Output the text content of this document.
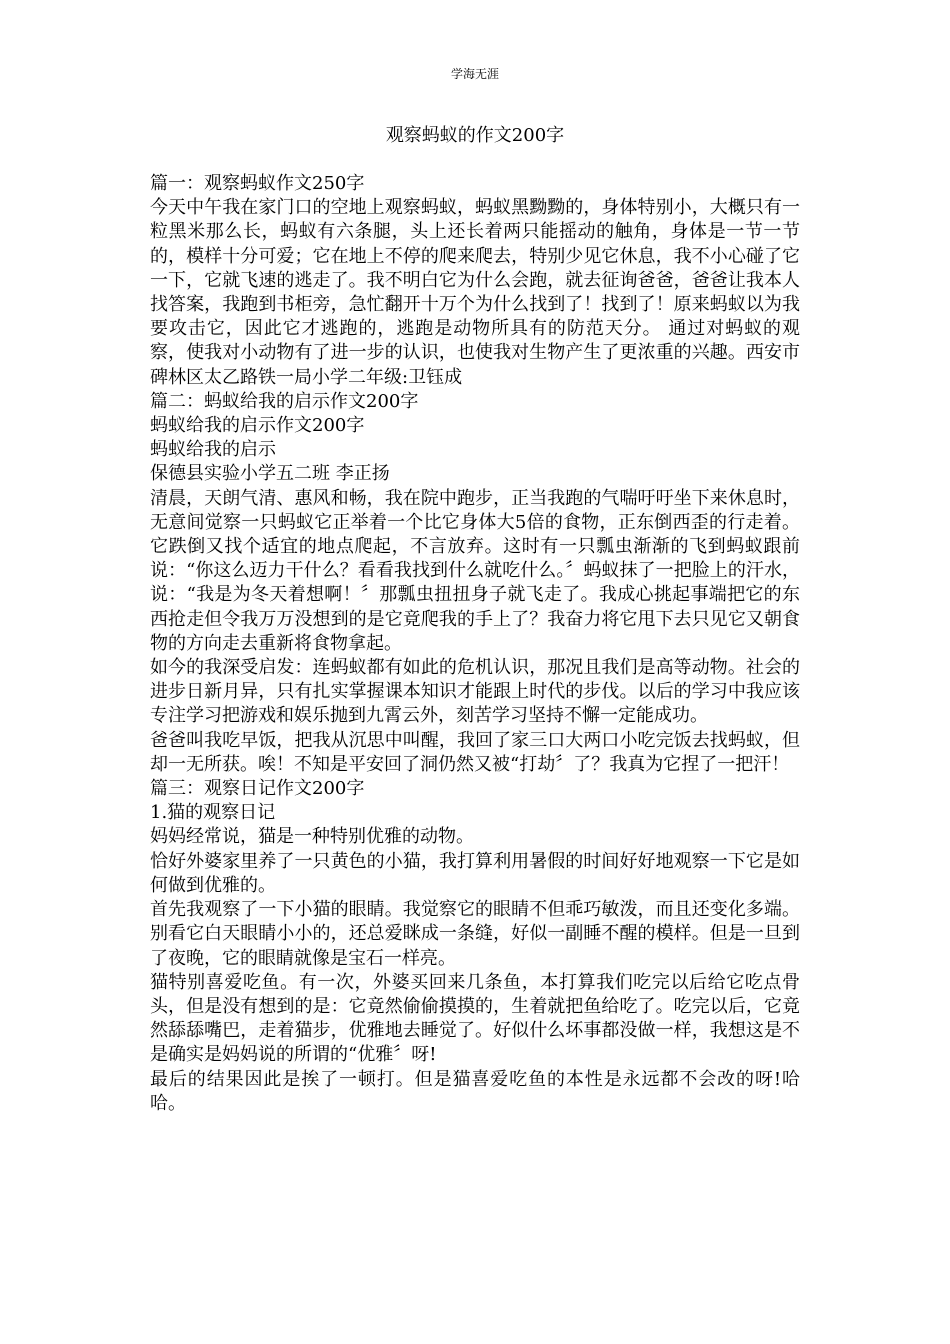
学海无涯
观察蚂蚁的作文200字

篇一：观察蚂蚁作文250字

今天中午我在家门口的空地上观察蚂蚁，蚂蚁黑黝黝的，身体特别小，大概只有一粒黑米那么长，蚂蚁有六条腿，头上还长着两只能摇动的触角，身体是一节一节的，模样十分可爱；它在地上不停的爬来爬去，特别少见它休息，我不小心碰了它一下，它就飞速的逃走了。我不明白它为什么会跑，就去征询爸爸，爸爸让我本人找答案，我跑到书柜旁，急忙翻开十万个为什么找到了！找到了！原来蚂蚁以为我要攻击它，因此它才逃跑的，逃跑是动物所具有的防范天分。 通过对蚂蚁的观察，使我对小动物有了进一步的认识，也使我对生物产生了更浓重的兴趣。西安市碑林区太乙路铁一局小学二年级:卫钰成

篇二：蚂蚁给我的启示作文200字

蚂蚁给我的启示作文200字

蚂蚁给我的启示

保德县实验小学五二班 李正扬

清晨，天朗气清、惠风和畅，我在院中跑步，正当我跑的气喘吁吁坐下来休息时，无意间觉察一只蚂蚁它正举着一个比它身体大5倍的食物，正东倒西歪的行走着。它跌倒又找个适宜的地点爬起，不言放弃。这时有一只瓢虫渐渐的飞到蚂蚁跟前说：“你这么迈力干什么？看看我找到什么就吃什么。〞蚂蚁抹了一把脸上的汗水，说：“我是为冬天着想啊！〞那瓢虫扭扭身子就飞走了。我成心挑起事端把它的东西抢走但令我万万没想到的是它竟爬我的手上了？我奋力将它甩下去只见它又朝食物的方向走去重新将食物拿起。

如今的我深受启发：连蚂蚁都有如此的危机认识，那况且我们是高等动物。社会的进步日新月异，只有扎实掌握课本知识才能跟上时代的步伐。以后的学习中我应该专注学习把游戏和娱乐抛到九霄云外，刻苦学习坚持不懈一定能成功。

爸爸叫我吃早饭，把我从沉思中叫醒，我回了家三口大两口小吃完饭去找蚂蚁，但却一无所获。唉！不知是平安回了洞仍然又被“打劫〞了？我真为它捏了一把汗！

篇三：观察日记作文200字

1.猫的观察日记

妈妈经常说，猫是一种特别优雅的动物。

恰好外婆家里养了一只黄色的小猫，我打算利用暑假的时间好好地观察一下它是如何做到优雅的。

首先我观察了一下小猫的眼睛。我觉察它的眼睛不但乖巧敏泼，而且还变化多端。别看它白天眼睛小小的，还总爱眯成一条缝，好似一副睡不醒的模样。但是一旦到了夜晚，它的眼睛就像是宝石一样亮。

猫特别喜爱吃鱼。有一次，外婆买回来几条鱼，本打算我们吃完以后给它吃点骨头，但是没有想到的是：它竟然偷偷摸摸的，生着就把鱼给吃了。吃完以后，它竟然舔舔嘴巴，走着猫步，优雅地去睡觉了。好似什么坏事都没做一样，我想这是不是确实是妈妈说的所谓的“优雅〞呀!

最后的结果因此是挨了一顿打。但是猫喜爱吃鱼的本性是永远都不会改的呀!哈哈。
